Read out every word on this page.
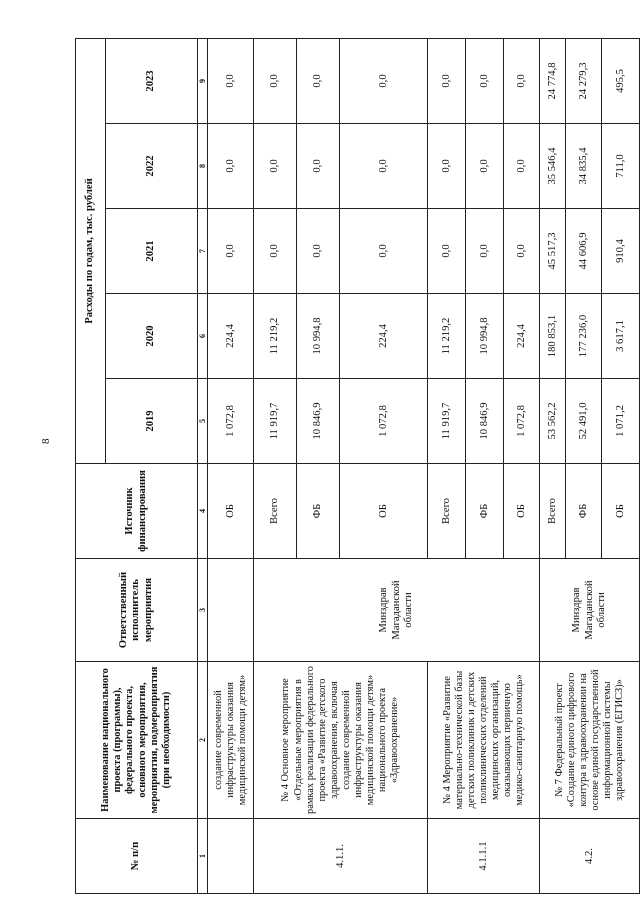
8
№ п/п	Наименование национального проекта (программы), федерального проекта, основного мероприятия, мероприятия, подмероприятия (при необходимости)	Ответственный исполнитель мероприятия	Источник финансирования	Расходы по годам, тыс. рублей				
				2019	2020	2021	2022	2023
1	2	3	4	5	6	7	8	9
	создание современной инфраструктуры оказания медицинской помощи детям»		ОБ	1 072,8	224,4	0,0	0,0	0,0
4.1.1.	№ 4 Основное мероприятие «Отдельные мероприятия в рамках реализации федерального проекта «Развитие детского здравоохранения, включая создание современной инфраструктуры оказания медицинской помощи детям» национального проекта «Здравоохранение»	Минздрав Магаданской области	Всего	11 919,7	11 219,2	0,0	0,0	0,0
			ФБ	10 846,9	10 994,8	0,0	0,0	0,0
			ОБ	1 072,8	224,4	0,0	0,0	0,0
4.1.1.1	№ 4 Мероприятие «Развитие материально-технической базы детских поликлиник и детских поликлинических отделений медицинских организаций, оказывающих первичную медико-санитарную помощь»		Всего	11 919,7	11 219,2	0,0	0,0	0,0
			ФБ	10 846,9	10 994,8	0,0	0,0	0,0
			ОБ	1 072,8	224,4	0,0	0,0	0,0
4.2.	№ 7 Федеральный проект «Создание единого цифрового контура в здравоохранении на основе единой государственной информационной системы здравоохранения (ЕГИСЗ)»	Минздрав Магаданской области	Всего	53 562,2	180 853,1	45 517,3	35 546,4	24 774,8
			ФБ	52 491,0	177 236,0	44 606,9	34 835,4	24 279,3
			ОБ	1 071,2	3 617,1	910,4	711,0	495,5
